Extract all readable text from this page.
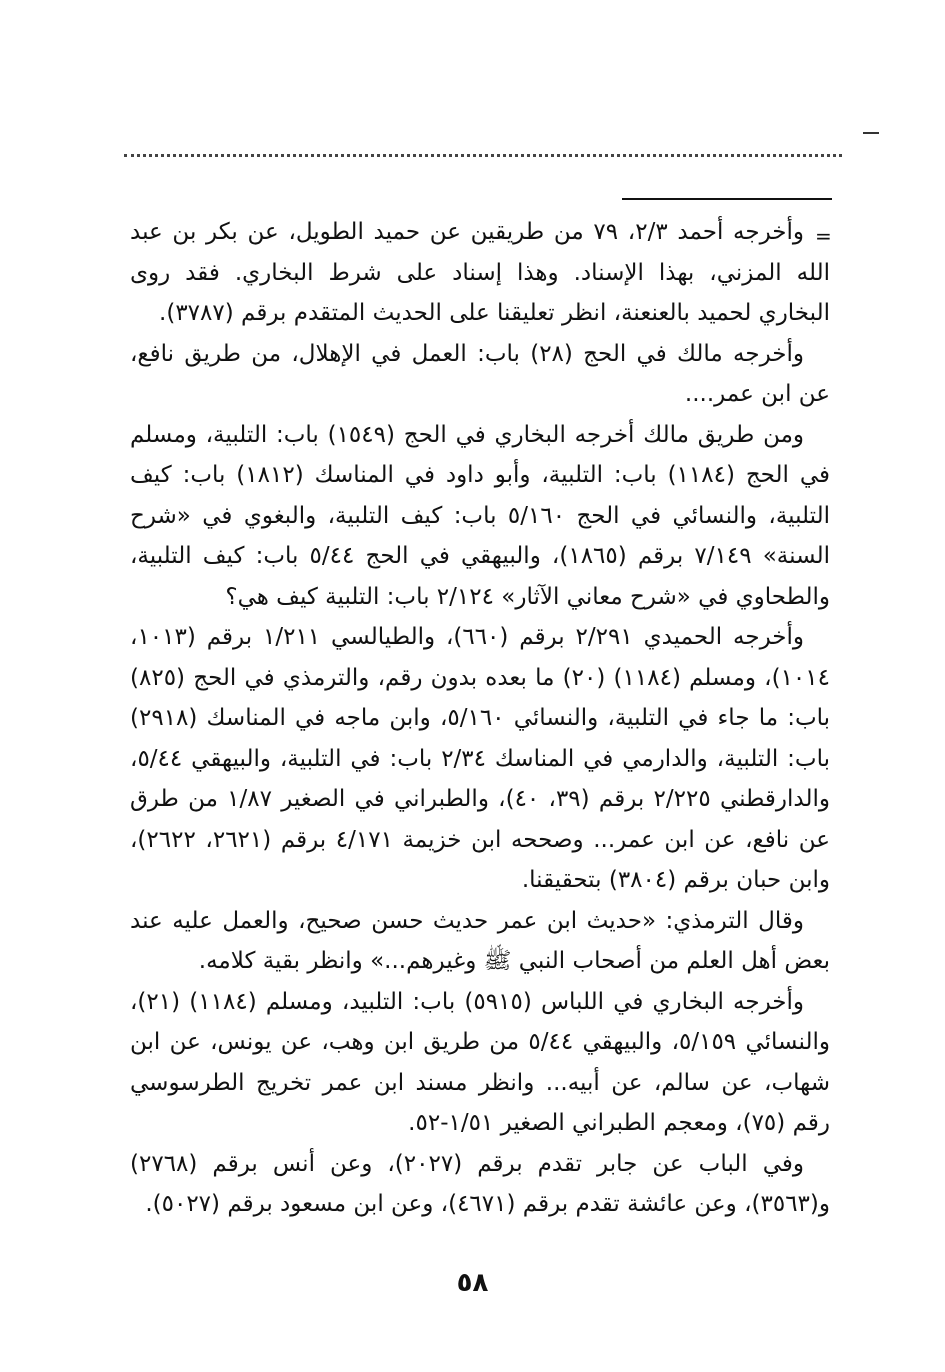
=

وأخرجه أحمد ٢/٣، ٧٩ من طريقين عن حميد الطويل، عن بكر بن عبد الله المزني، بهذا الإسناد. وهذا إسناد على شرط البخاري. فقد روى البخاري لحميد بالعنعنة، انظر تعليقنا على الحديث المتقدم برقم (٣٧٨٧).

وأخرجه مالك في الحج (٢٨) باب: العمل في الإهلال، من طريق نافع، عن ابن عمر....

ومن طريق مالك أخرجه البخاري في الحج (١٥٤٩) باب: التلبية، ومسلم في الحج (١١٨٤) باب: التلبية، وأبو داود في المناسك (١٨١٢) باب: كيف التلبية، والنسائي في الحج ٥/١٦٠ باب: كيف التلبية، والبغوي في «شرح السنة» ٧/١٤٩ برقم (١٨٦٥)، والبيهقي في الحج ٥/٤٤ باب: كيف التلبية، والطحاوي في «شرح معاني الآثار» ٢/١٢٤ باب: التلبية كيف هي؟

وأخرجه الحميدي ٢/٢٩١ برقم (٦٦٠)، والطيالسي ١/٢١١ برقم (١٠١٣، ١٠١٤)، ومسلم (١١٨٤) (٢٠) ما بعده بدون رقم، والترمذي في الحج (٨٢٥) باب: ما جاء في التلبية، والنسائي ٥/١٦٠، وابن ماجه في المناسك (٢٩١٨) باب: التلبية، والدارمي في المناسك ٢/٣٤ باب: في التلبية، والبيهقي ٥/٤٤، والدارقطني ٢/٢٢٥ برقم (٣٩، ٤٠)، والطبراني في الصغير ١/٨٧ من طرق عن نافع، عن ابن عمر... وصححه ابن خزيمة ٤/١٧١ برقم (٢٦٢١، ٢٦٢٢)، وابن حبان برقم (٣٨٠٤) بتحقيقنا.

وقال الترمذي: «حديث ابن عمر حديث حسن صحيح، والعمل عليه عند بعض أهل العلم من أصحاب النبي ﷺ وغيرهم...» وانظر بقية كلامه.

وأخرجه البخاري في اللباس (٥٩١٥) باب: التلبيد، ومسلم (١١٨٤) (٢١)، والنسائي ٥/١٥٩، والبيهقي ٥/٤٤ من طريق ابن وهب، عن يونس، عن ابن شهاب، عن سالم، عن أبيه... وانظر مسند ابن عمر تخريج الطرسوسي رقم (٧٥)، ومعجم الطبراني الصغير ١/٥١-٥٢.

وفي الباب عن جابر تقدم برقم (٢٠٢٧)، وعن أنس برقم (٢٧٦٨) و(٣٥٦٣)، وعن عائشة تقدم برقم (٤٦٧١)، وعن ابن مسعود برقم (٥٠٢٧).

٥٨
